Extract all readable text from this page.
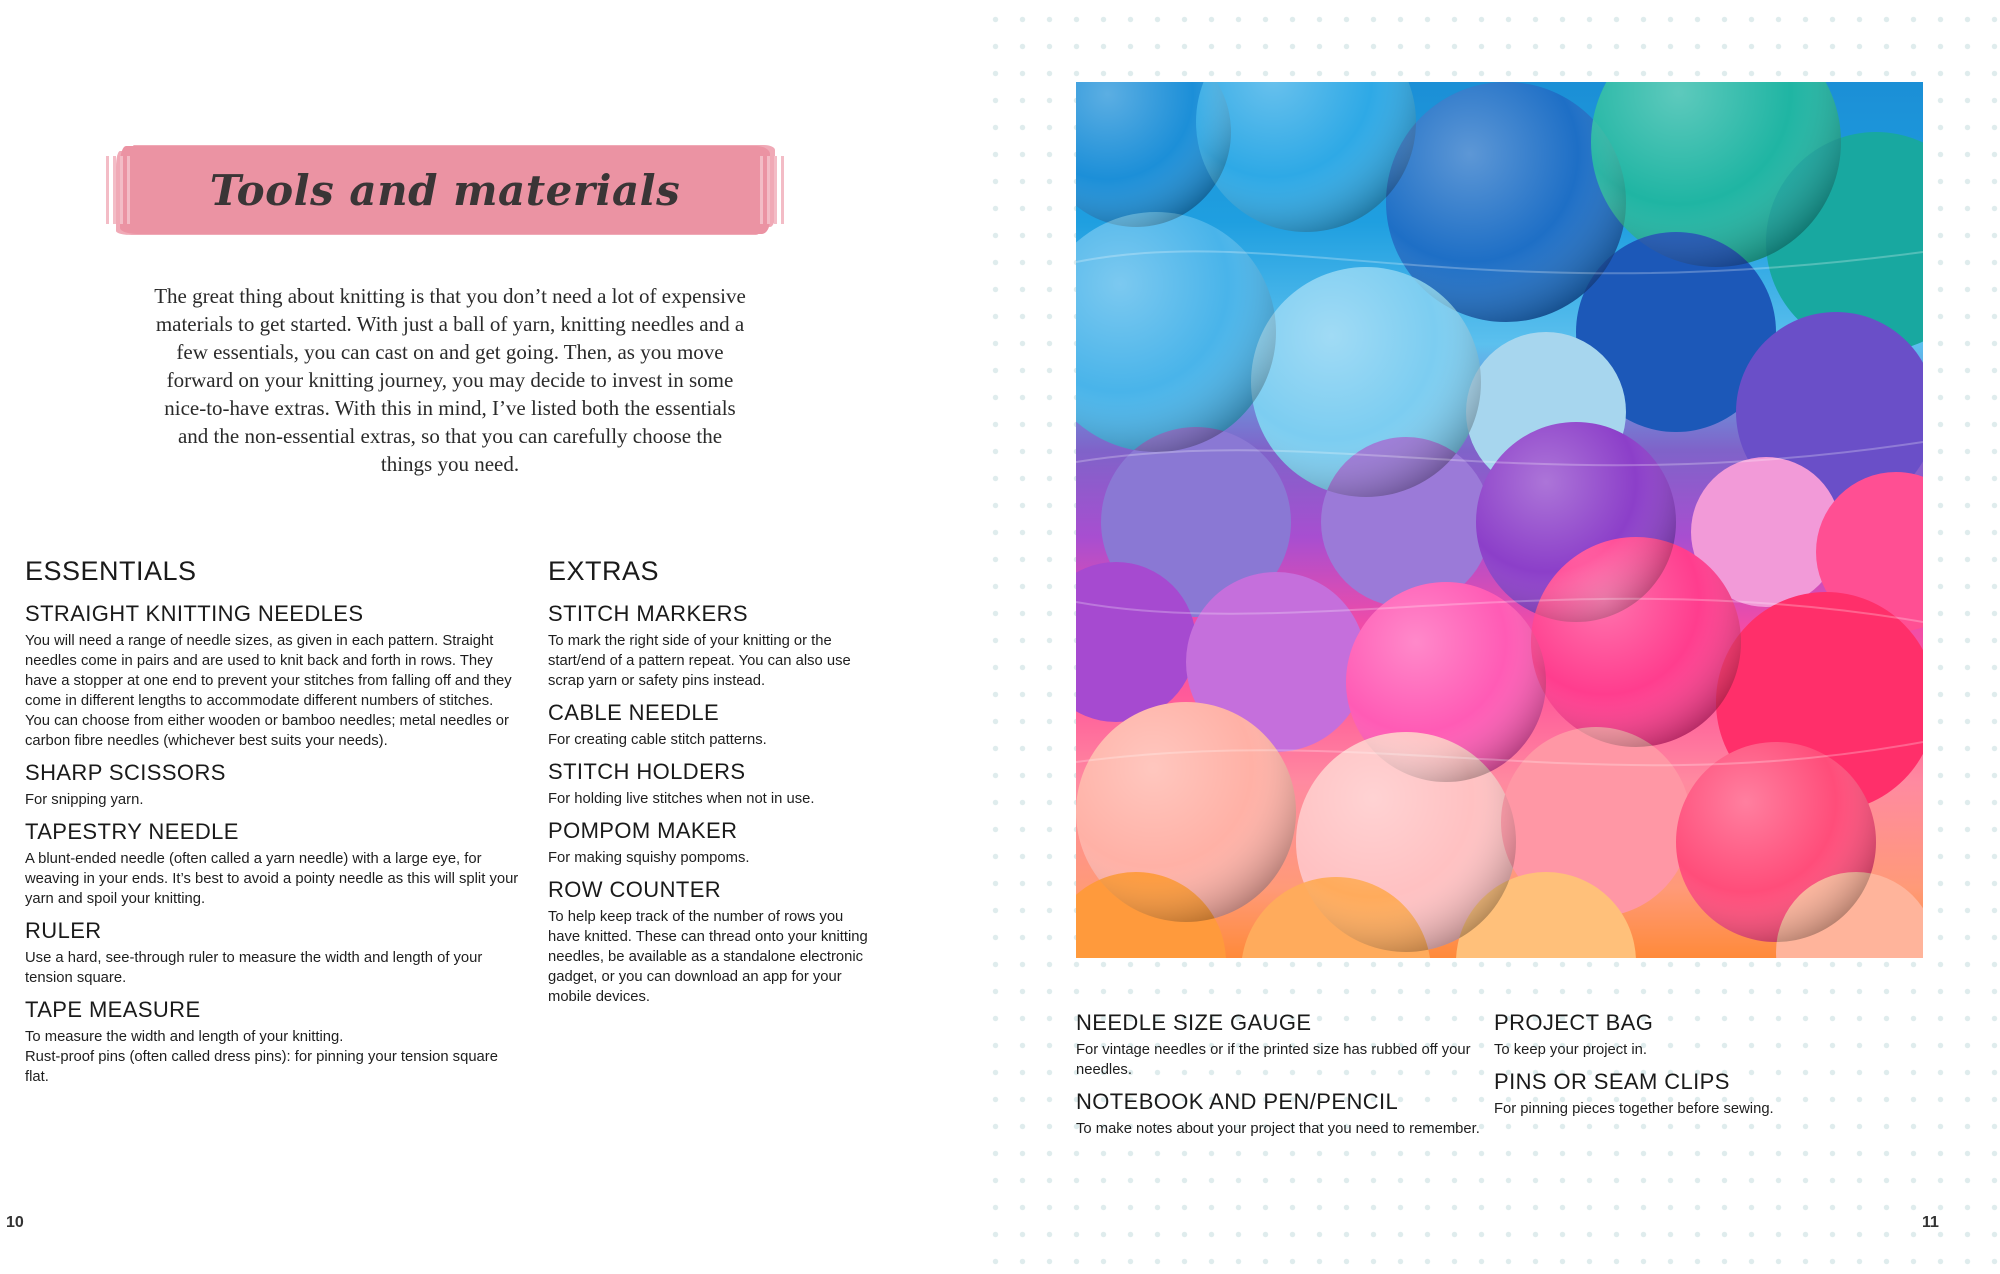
Tools and materials

The great thing about knitting is that you don’t need a lot of expensive materials to get started. With just a ball of yarn, knitting needles and a few essentials, you can cast on and get going. Then, as you move forward on your knitting journey, you may decide to invest in some nice-to-have extras. With this in mind, I’ve listed both the essentials and the non-essential extras, so that you can carefully choose the things you need.

ESSENTIALS
STRAIGHT KNITTING NEEDLES

You will need a range of needle sizes, as given in each pattern. Straight needles come in pairs and are used to knit back and forth in rows. They have a stopper at one end to prevent your stitches from falling off and they come in different lengths to accommodate different numbers of stitches. You can choose from either wooden or bamboo needles; metal needles or carbon fibre needles (whichever best suits your needs).

SHARP SCISSORS

For snipping yarn.

TAPESTRY NEEDLE

A blunt-ended needle (often called a yarn needle) with a large eye, for weaving in your ends. It’s best to avoid a pointy needle as this will split your yarn and spoil your knitting.

RULER

Use a hard, see-through ruler to measure the width and length of your tension square.

TAPE MEASURE

To measure the width and length of your knitting.

Rust-proof pins (often called dress pins): for pinning your tension square flat.

EXTRAS
STITCH MARKERS

To mark the right side of your knitting or the start/end of a pattern repeat. You can also use scrap yarn or safety pins instead.

CABLE NEEDLE

For creating cable stitch patterns.

STITCH HOLDERS

For holding live stitches when not in use.

POMPOM MAKER

For making squishy pompoms.

ROW COUNTER

To help keep track of the number of rows you have knitted. These can thread onto your knitting needles, be available as a standalone electronic gadget, or you can download an app for your mobile devices.

10
NEEDLE SIZE GAUGE

For vintage needles or if the printed size has rubbed off your needles.

NOTEBOOK AND PEN/PENCIL

To make notes about your project that you need to remember.

PROJECT BAG

To keep your project in.

PINS OR SEAM CLIPS

For pinning pieces together before sewing.

11
